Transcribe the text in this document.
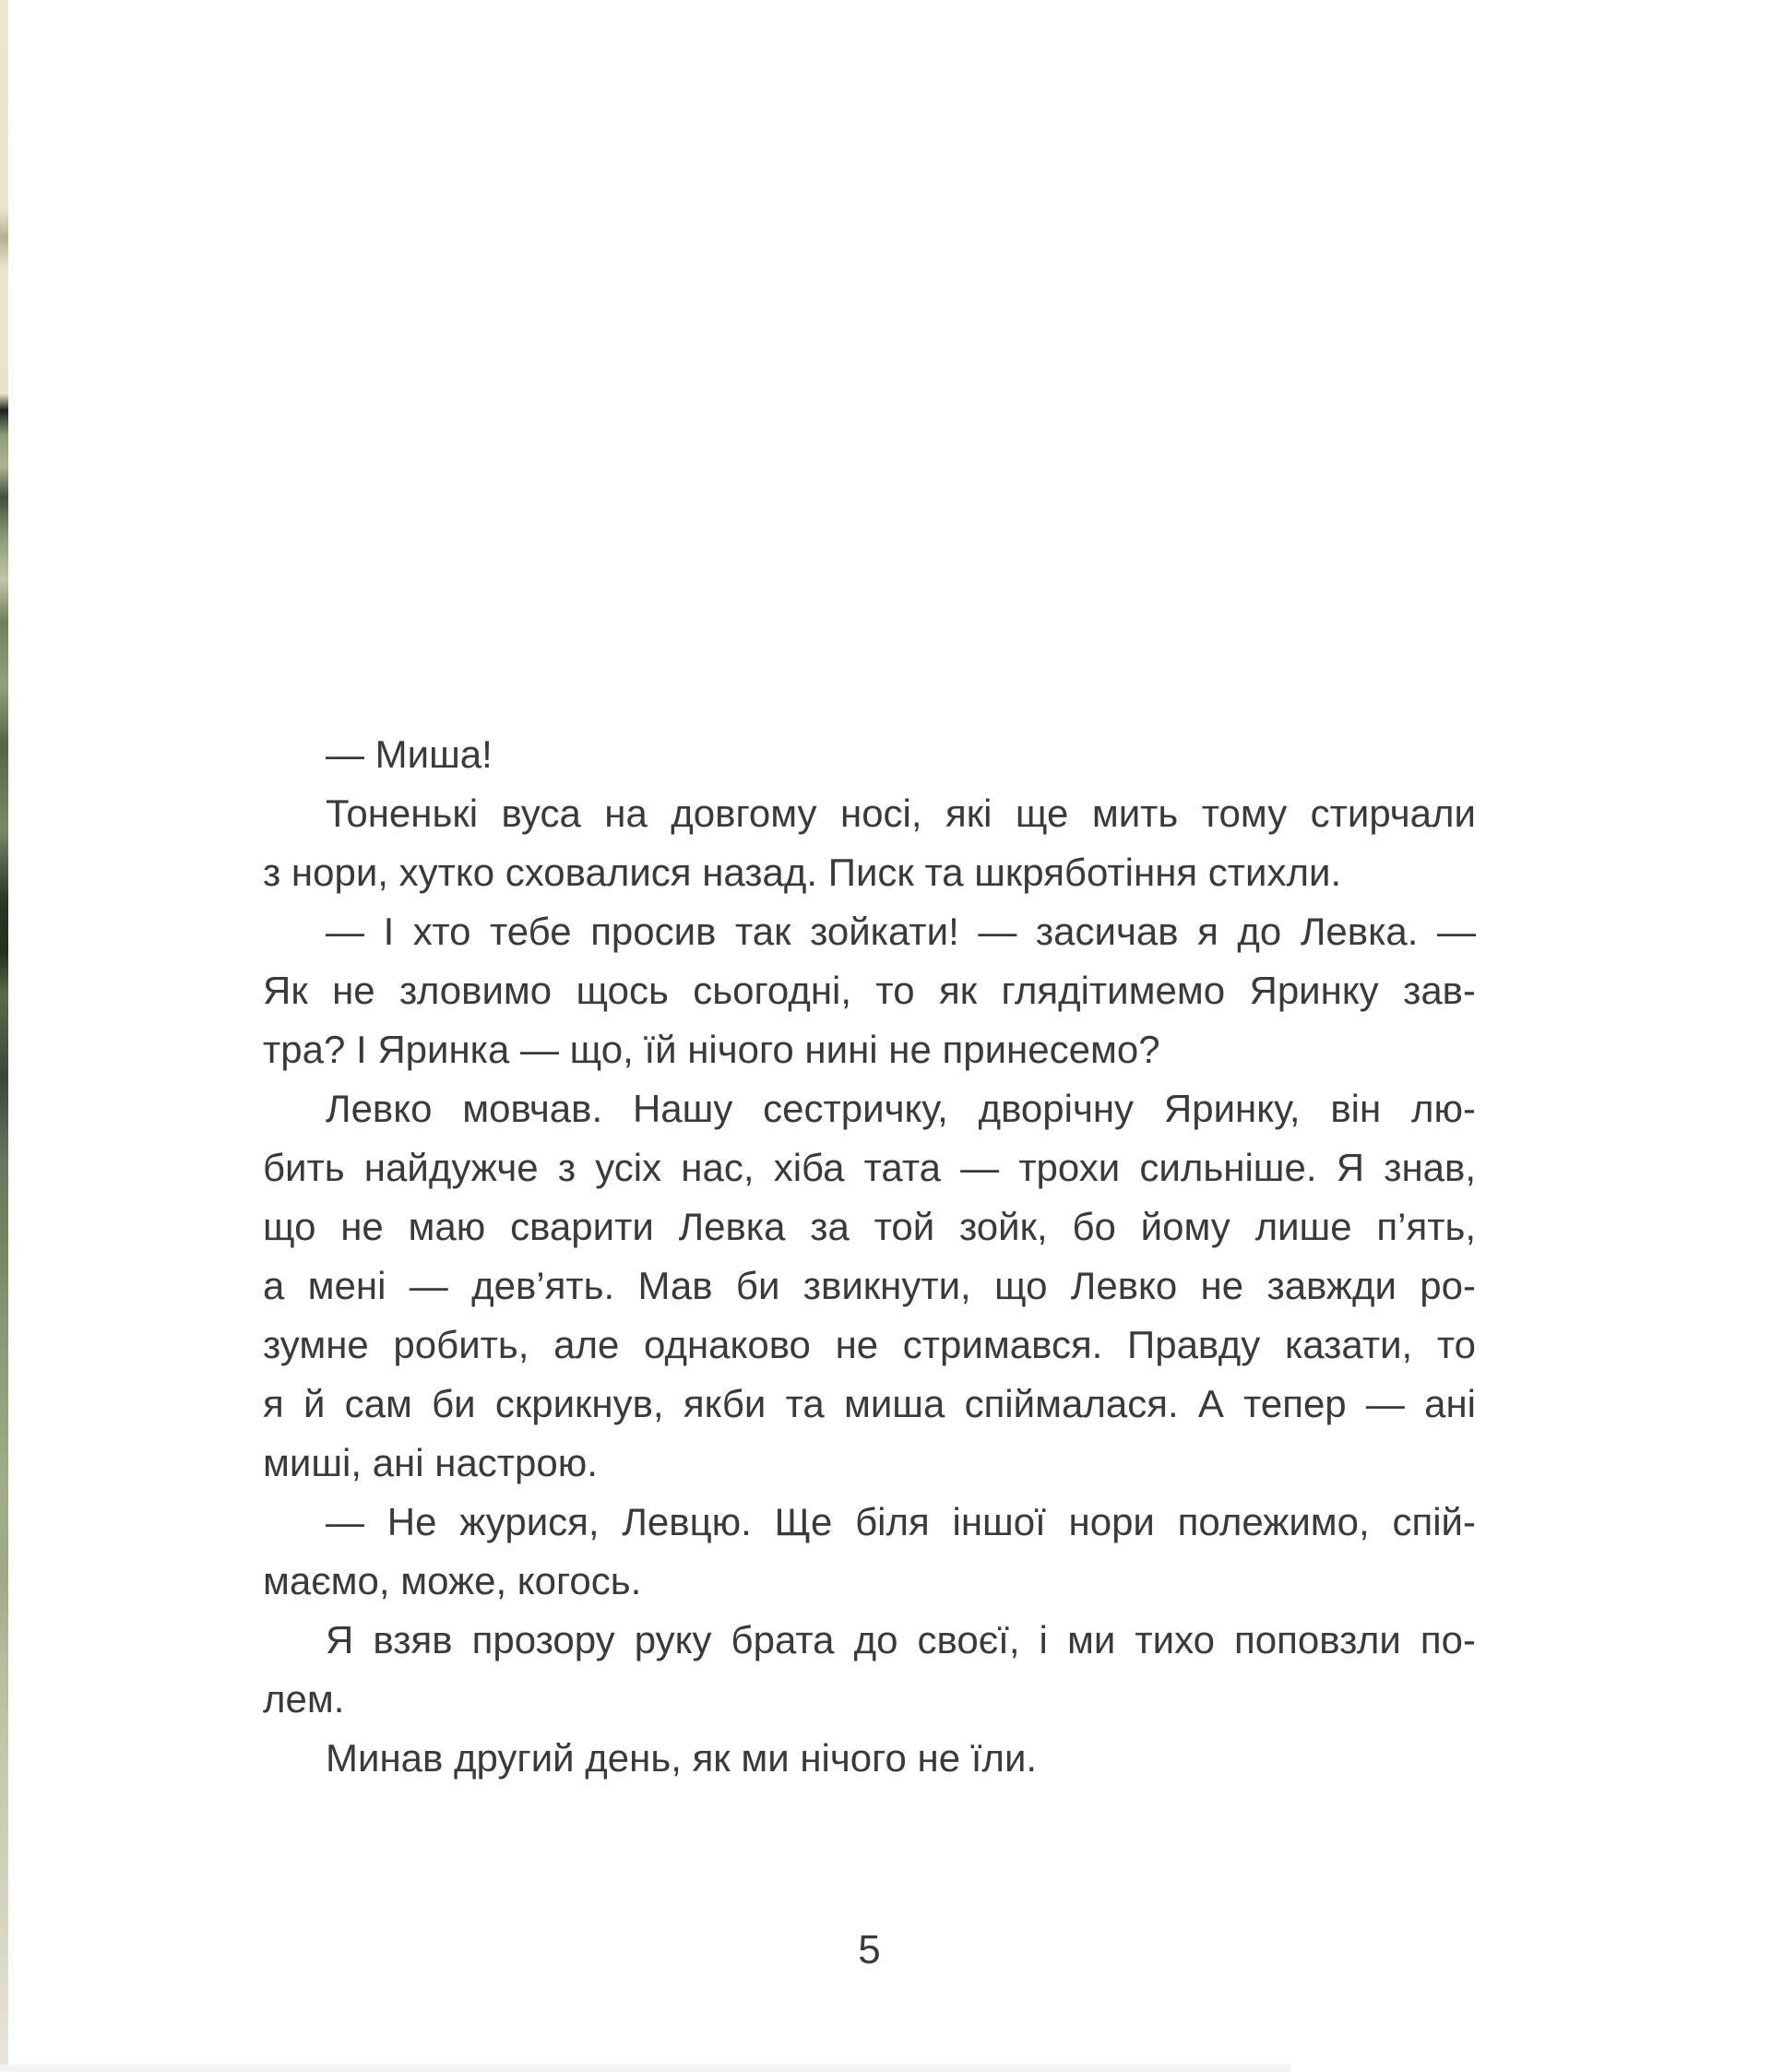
— Миша!
Тоненькі вуса на довгому носі, які ще мить тому стирчали
з нори, хутко сховалися назад. Писк та шкряботіння стихли.
— І хто тебе просив так зойкати! — засичав я до Левка. —
Як не зловимо щось сьогодні, то як глядітимемо Яринку зав-
тра? І Яринка — що, їй нічого нині не принесемо?
Левко мовчав. Нашу сестричку, дворічну Яринку, він лю-
бить найдужче з усіх нас, хіба тата — трохи сильніше. Я знав,
що не маю сварити Левка за той зойк, бо йому лише п’ять,
а мені — дев’ять. Мав би звикнути, що Левко не завжди ро-
зумне робить, але однаково не стримався. Правду казати, то
я й сам би скрикнув, якби та миша спіймалася. А тепер — ані
миші, ані настрою.
— Не журися, Левцю. Ще біля іншої нори полежимо, спій-
маємо, може, когось.
Я взяв прозору руку брата до своєї, і ми тихо поповзли по-
лем.
Минав другий день, як ми нічого не їли.
5
